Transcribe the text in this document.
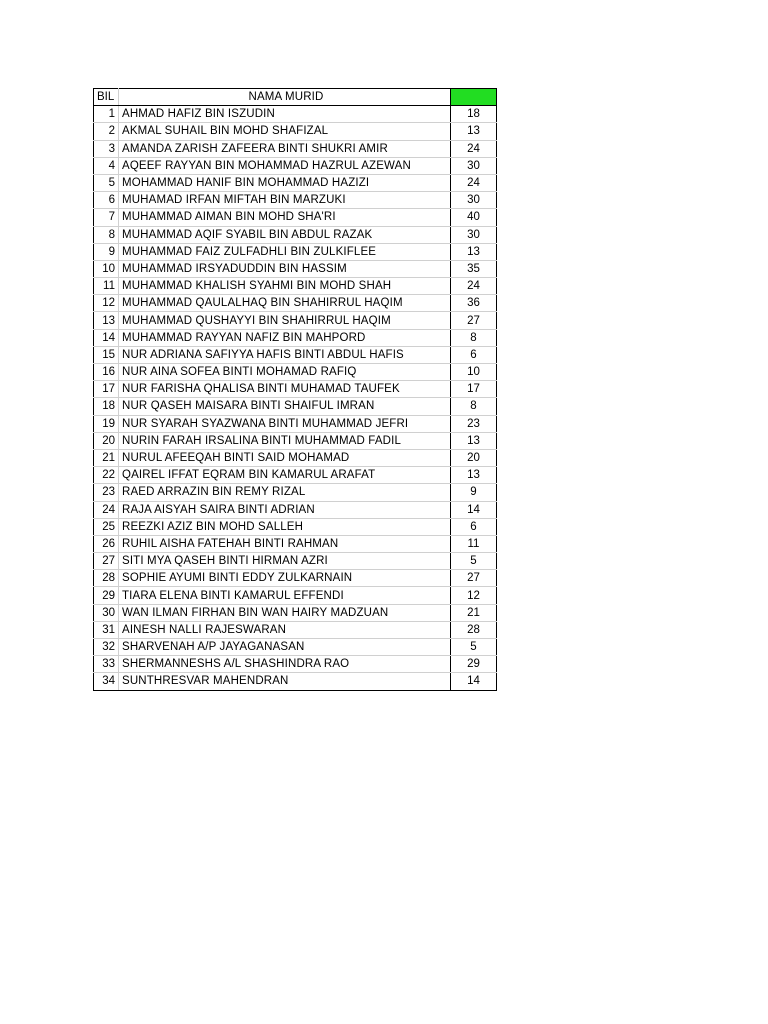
BIL	NAMA MURID	
1	AHMAD HAFIZ BIN ISZUDIN	18
2	AKMAL SUHAIL BIN MOHD SHAFIZAL	13
3	AMANDA ZARISH ZAFEERA BINTI SHUKRI AMIR	24
4	AQEEF RAYYAN BIN MOHAMMAD HAZRUL AZEWAN	30
5	MOHAMMAD HANIF BIN MOHAMMAD HAZIZI	24
6	MUHAMAD IRFAN MIFTAH BIN MARZUKI	30
7	MUHAMMAD AIMAN BIN MOHD SHA'RI	40
8	MUHAMMAD AQIF SYABIL BIN ABDUL RAZAK	30
9	MUHAMMAD FAIZ ZULFADHLI BIN ZULKIFLEE	13
10	MUHAMMAD IRSYADUDDIN BIN HASSIM	35
11	MUHAMMAD KHALISH SYAHMI BIN MOHD SHAH	24
12	MUHAMMAD QAULALHAQ BIN SHAHIRRUL HAQIM	36
13	MUHAMMAD QUSHAYYI BIN SHAHIRRUL HAQIM	27
14	MUHAMMAD RAYYAN NAFIZ BIN MAHPORD	8
15	NUR ADRIANA SAFIYYA HAFIS BINTI ABDUL HAFIS	6
16	NUR AINA SOFEA BINTI MOHAMAD RAFIQ	10
17	NUR FARISHA QHALISA BINTI MUHAMAD TAUFEK	17
18	NUR QASEH MAISARA BINTI SHAIFUL IMRAN	8
19	NUR SYARAH SYAZWANA BINTI MUHAMMAD JEFRI	23
20	NURIN FARAH IRSALINA BINTI MUHAMMAD FADIL	13
21	NURUL AFEEQAH BINTI SAID MOHAMAD	20
22	QAIREL IFFAT EQRAM BIN KAMARUL ARAFAT	13
23	RAED ARRAZIN BIN REMY RIZAL	9
24	RAJA AISYAH SAIRA BINTI ADRIAN	14
25	REEZKI AZIZ BIN MOHD SALLEH	6
26	RUHIL AISHA FATEHAH BINTI RAHMAN	11
27	SITI MYA QASEH BINTI HIRMAN AZRI	5
28	SOPHIE AYUMI BINTI EDDY ZULKARNAIN	27
29	TIARA ELENA BINTI KAMARUL EFFENDI	12
30	WAN ILMAN FIRHAN BIN WAN HAIRY MADZUAN	21
31	AINESH NALLI RAJESWARAN	28
32	SHARVENAH A/P JAYAGANASAN	5
33	SHERMANNESHS A/L SHASHINDRA RAO	29
34	SUNTHRESVAR MAHENDRAN	14
